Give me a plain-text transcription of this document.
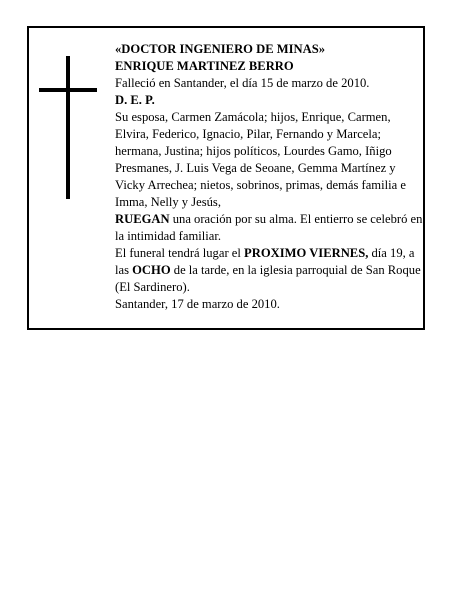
«DOCTOR INGENIERO DE MINAS»
ENRIQUE MARTINEZ BERRO
Falleció en Santander, el día 15 de marzo de 2010.
D. E. P.

Su esposa, Carmen Zamácola; hijos, Enrique, Carmen, Elvira, Federico, Ignacio, Pilar, Fernando y Marcela; hermana, Justina; hijos políticos, Lourdes Gamo, Iñigo Presmanes, J. Luis Vega de Seoane, Gemma Martínez y Vicky Arrechea; nietos, sobrinos, primas, demás familia e Imma, Nelly y Jesús,

RUEGAN una oración por su alma. El entierro se celebró en la intimidad familiar.

El funeral tendrá lugar el PROXIMO VIERNES, día 19, a las OCHO de la tarde, en la iglesia parroquial de San Roque (El Sardinero).

Santander, 17 de marzo de 2010.
